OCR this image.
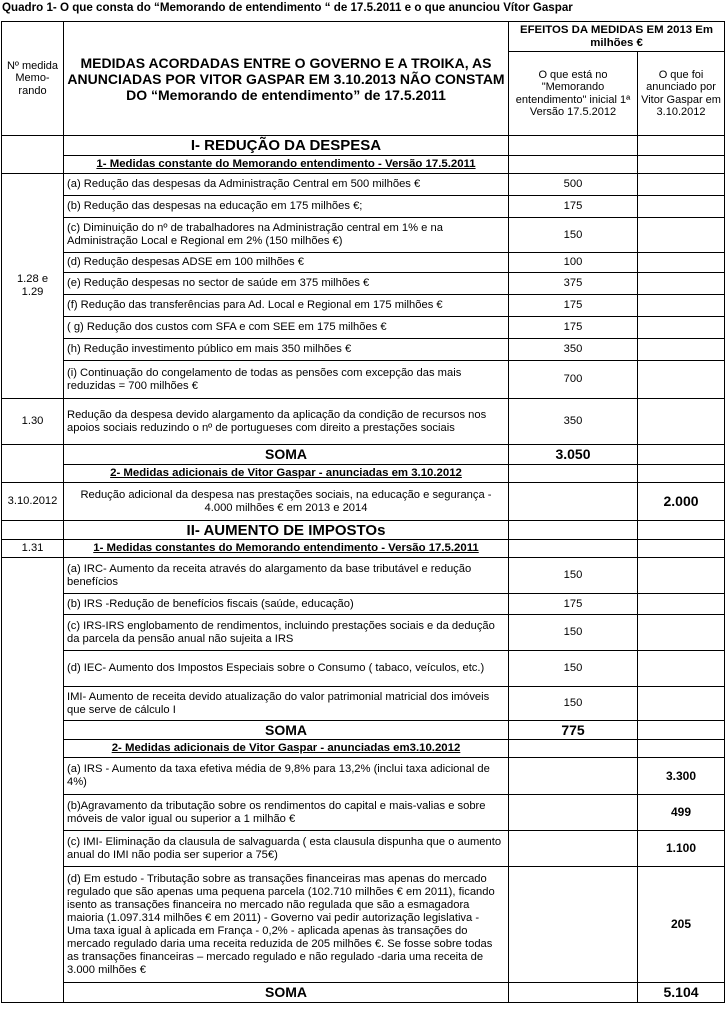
Quadro 1- O que consta do “Memorando de entendimento “ de 17.5.2011 e o que anunciou Vítor Gaspar
Nº medida Memo- rando	MEDIDAS ACORDADAS ENTRE O GOVERNO E A TROIKA, AS ANUNCIADAS POR VITOR GASPAR EM 3.10.2013 NÃO CONSTAM DO “Memorando de entendimento” de 17.5.2011	EFEITOS DA MEDIDAS EM 2013 Em milhões €	
		O que está no "Memorando entendimento" inicial 1ª Versão 17.5.2012	O que foi anunciado por Vitor Gaspar em 3.10.2012
	I- REDUÇÃO DA DESPESA		
	1- Medidas constante do Memorando entendimento - Versão 17.5.2011		
1.28 e 1.29	(a) Redução das despesas da Administração Central em 500 milhões €	500	
	(b) Redução das despesas na educação em 175 milhões €;	175	
	(c) Diminuição do nº de trabalhadores na Administração central em 1% e na Administração Local e Regional em 2% (150 milhões €)	150	
	(d) Redução despesas ADSE em 100 milhões €	100	
	(e) Redução despesas no sector de saúde em 375 milhões €	375	
	(f) Redução das transferências para Ad. Local e Regional em 175 milhões €	175	
	( g) Redução dos custos com SFA e com SEE em 175 milhões €	175	
	(h) Redução investimento público em mais 350 milhões €	350	
	(i) Continuação do congelamento de todas as pensões com excepção das mais reduzidas = 700 milhões €	700	
1.30	Redução da despesa devido alargamento da aplicação da condição de recursos nos apoios sociais reduzindo o nº de portugueses com direito a prestações sociais	350	
	SOMA	3.050	
	2- Medidas adicionais de Vitor Gaspar - anunciadas em 3.10.2012		
3.10.2012	Redução adicional da despesa nas prestações sociais, na educação e segurança - 4.000 milhões € em 2013 e 2014		2.000
	II- AUMENTO DE IMPOSTOs		
1.31	1- Medidas constantes do Memorando entendimento - Versão 17.5.2011		
	(a) IRC- Aumento da receita através do alargamento da base tributável e redução benefícios	150	
	(b) IRS -Redução de benefícios fiscais (saúde, educação)	175	
	(c) IRS-IRS englobamento de rendimentos, incluindo prestações sociais e da dedução da parcela da pensão anual não sujeita a IRS	150	
	(d) IEC- Aumento dos Impostos Especiais sobre o Consumo ( tabaco, veículos, etc.)	150	
	IMI- Aumento de receita devido atualização do valor patrimonial matricial dos imóveis que serve de cálculo I	150	
	SOMA	775	
	2- Medidas adicionais de Vitor Gaspar - anunciadas em3.10.2012		
	(a) IRS - Aumento da taxa efetiva média de 9,8% para 13,2% (inclui taxa adicional de 4%)		3.300
	(b)Agravamento da tributação sobre os rendimentos do capital e mais-valias e sobre móveis de valor igual ou superior a 1 milhão €		499
	(c) IMI- Eliminação da clausula de salvaguarda ( esta clausula dispunha que o aumento anual do IMI não podia ser superior a 75€)		1.100
	(d) Em estudo - Tributação sobre as transações financeiras mas apenas do mercado regulado que são apenas uma pequena parcela (102.710 milhões € em 2011), ficando isento as transações financeira no mercado não regulada que são a esmagadora maioria (1.097.314 milhões € em 2011) - Governo vai pedir autorização legislativa - Uma taxa igual à aplicada em França - 0,2% - aplicada apenas às transações do mercado regulado daria uma receita reduzida de 205 milhões €. Se fosse sobre todas as transações financeiras – mercado regulado e não regulado -daria uma receita de 3.000 milhões €		205
	SOMA		5.104
